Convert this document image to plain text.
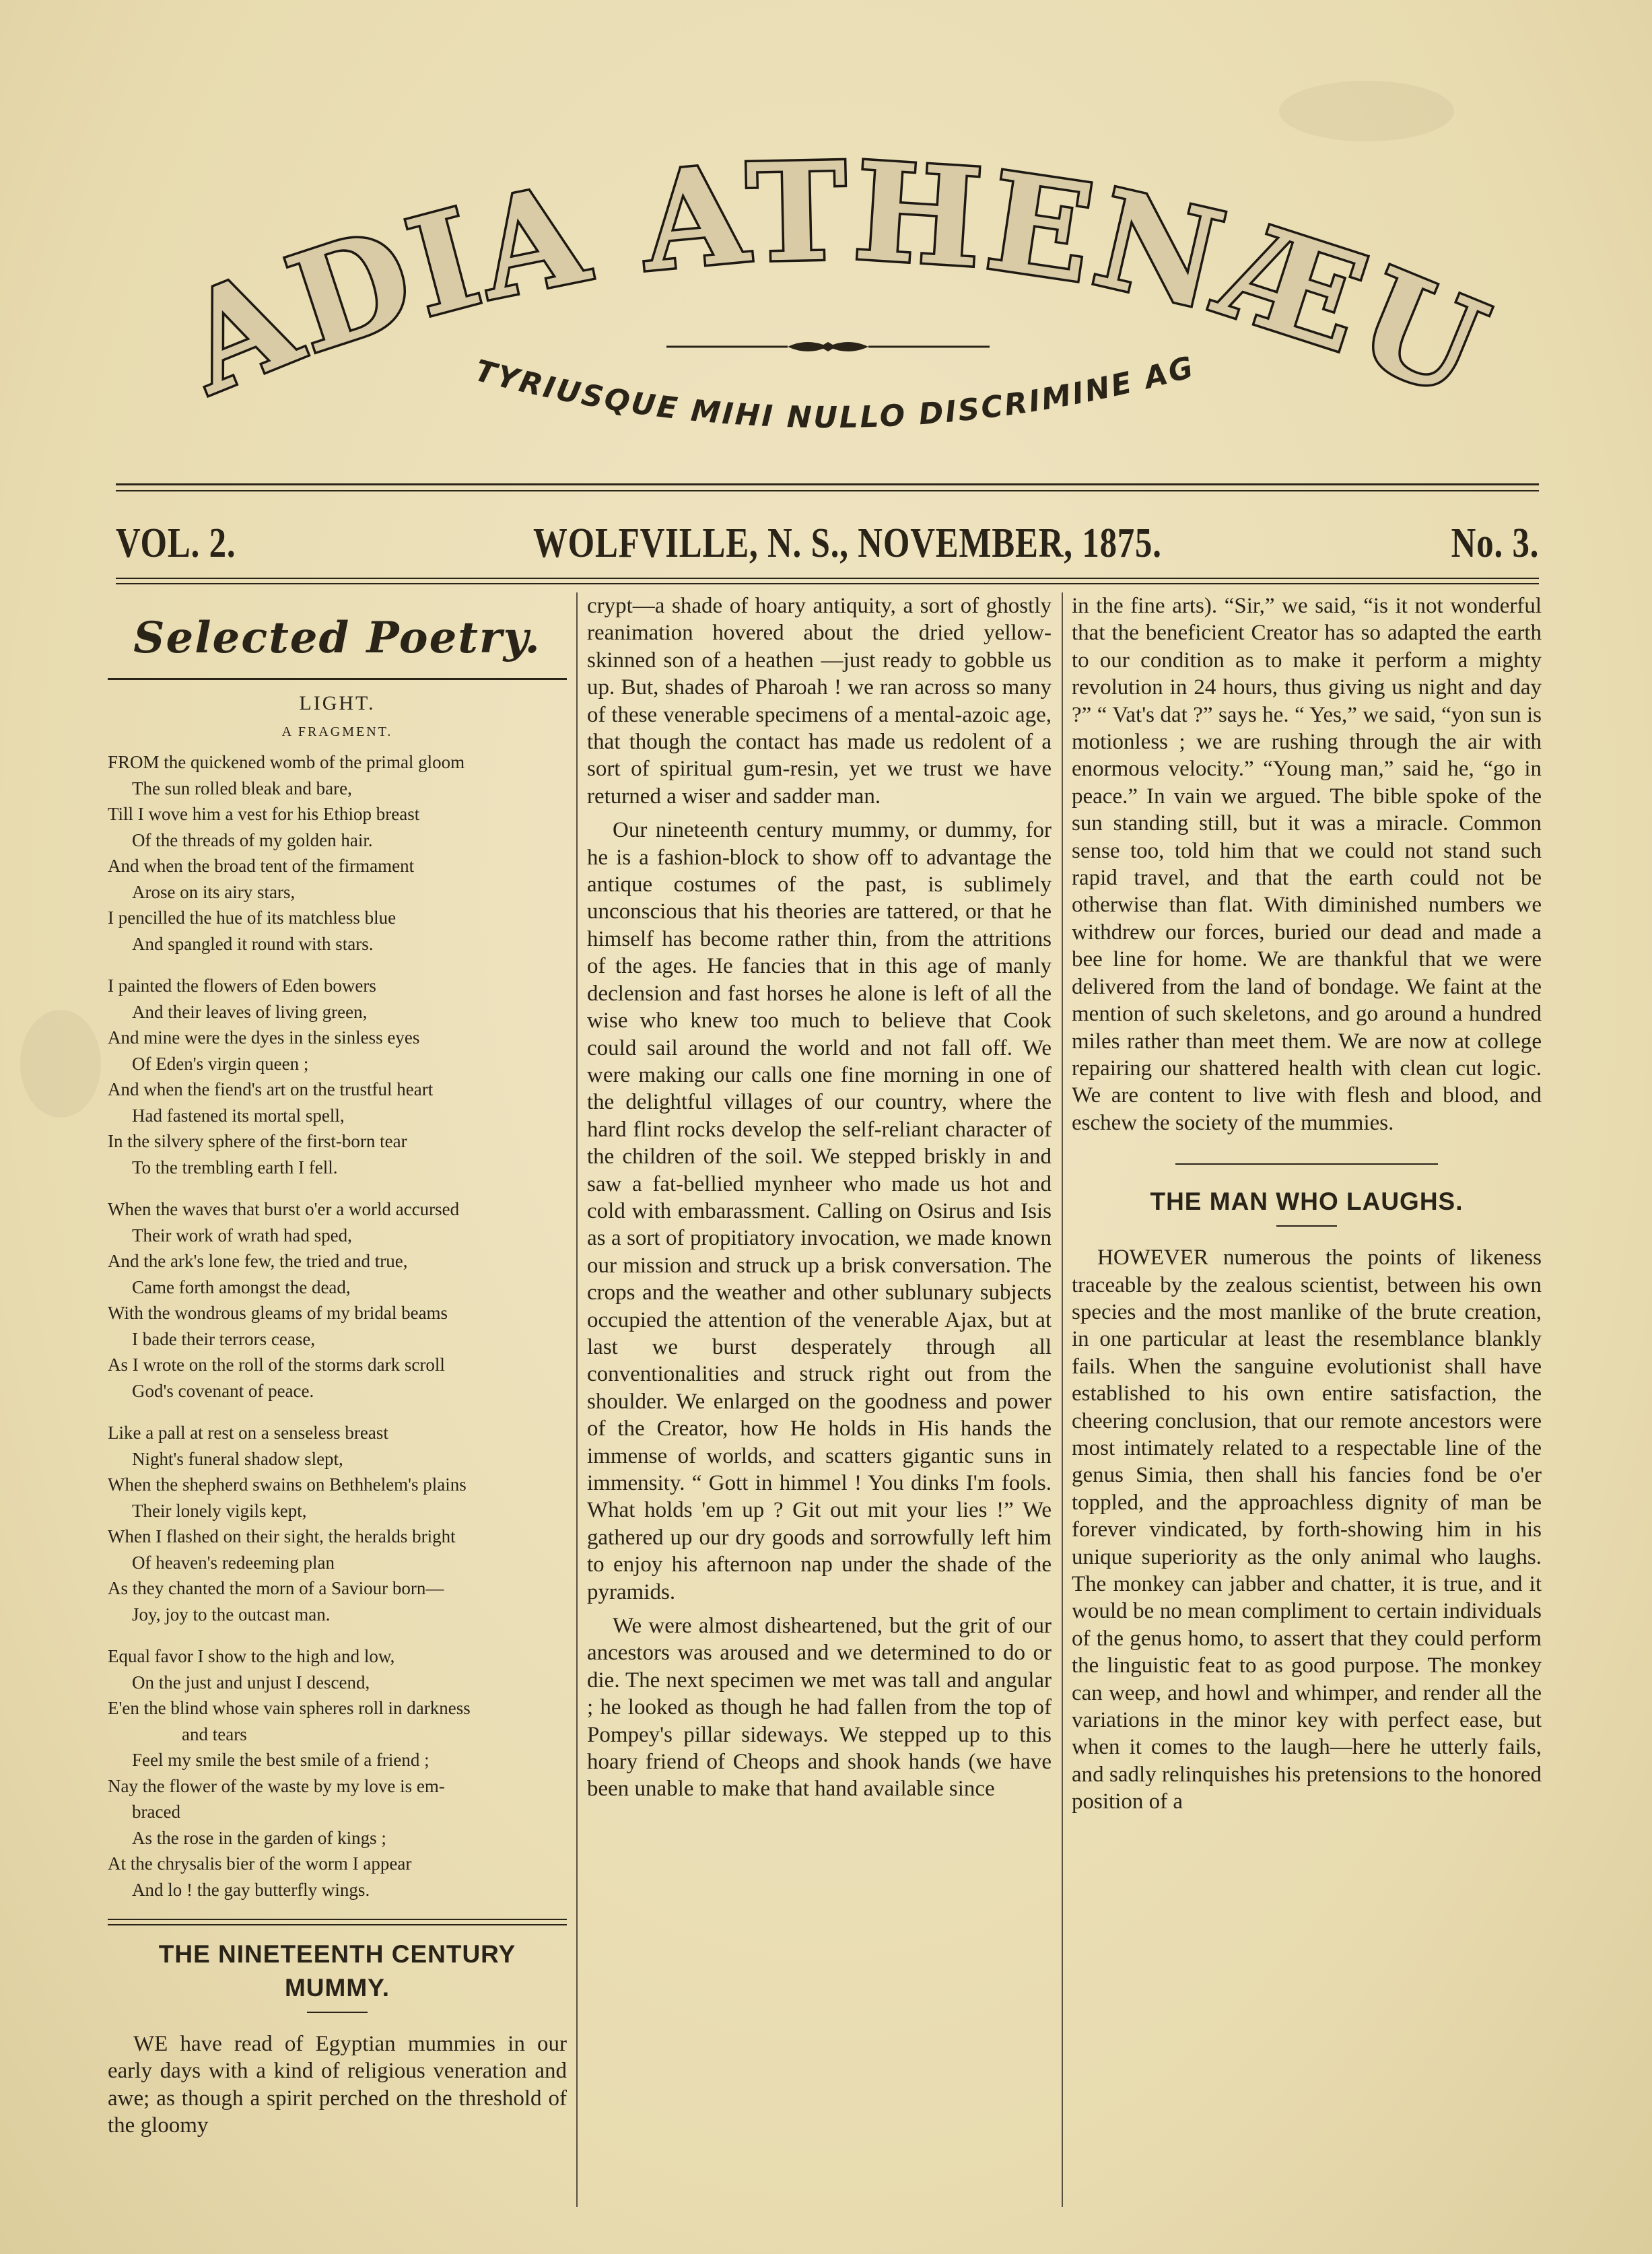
ADIA ATHENÆU
TYRIUSQUE MIHI NULLO DISCRIMINE AG
VOL. 2.	WOLFVILLE, N. S., NOVEMBER, 1875.	No. 3.
Selected Poetry.
LIGHT.
A FRAGMENT.
FROM the quickened womb of the primal gloom
The sun rolled bleak and bare,
Till I wove him a vest for his Ethiop breast
Of the threads of my golden hair.
And when the broad tent of the firmament
Arose on its airy stars,
I pencilled the hue of its matchless blue
And spangled it round with stars.
I painted the flowers of Eden bowers
And their leaves of living green,
And mine were the dyes in the sinless eyes
Of Eden's virgin queen ;
And when the fiend's art on the trustful heart
Had fastened its mortal spell,
In the silvery sphere of the first-born tear
To the trembling earth I fell.
When the waves that burst o'er a world accursed
Their work of wrath had sped,
And the ark's lone few, the tried and true,
Came forth amongst the dead,
With the wondrous gleams of my bridal beams
I bade their terrors cease,
As I wrote on the roll of the storms dark scroll
God's covenant of peace.
Like a pall at rest on a senseless breast
Night's funeral shadow slept,
When the shepherd swains on Bethhelem's plains
Their lonely vigils kept,
When I flashed on their sight, the heralds bright
Of heaven's redeeming plan
As they chanted the morn of a Saviour born—
Joy, joy to the outcast man.
Equal favor I show to the high and low,
On the just and unjust I descend,
E'en the blind whose vain spheres roll in darkness
and tears
Feel my smile the best smile of a friend ;
Nay the flower of the waste by my love is em-
braced
As the rose in the garden of kings ;
At the chrysalis bier of the worm I appear
And lo ! the gay butterfly wings.
THE NINETEENTH CENTURY MUMMY.

WE have read of Egyptian mummies in our early days with a kind of religious veneration and awe; as though a spirit perched on the threshold of the gloomy

crypt—a shade of hoary antiquity, a sort of ghostly reanimation hovered about the dried yellow-skinned son of a heathen —just ready to gobble us up. But, shades of Pharoah ! we ran across so many of these venerable specimens of a mental-azoic age, that though the contact has made us redolent of a sort of spiritual gum-resin, yet we trust we have returned a wiser and sadder man.

Our nineteenth century mummy, or dummy, for he is a fashion-block to show off to advantage the antique costumes of the past, is sublimely unconscious that his theories are tattered, or that he himself has become rather thin, from the attritions of the ages. He fancies that in this age of manly declension and fast horses he alone is left of all the wise who knew too much to believe that Cook could sail around the world and not fall off. We were making our calls one fine morning in one of the delightful villages of our country, where the hard flint rocks develop the self-reliant character of the children of the soil. We stepped briskly in and saw a fat-bellied mynheer who made us hot and cold with embarassment. Calling on Osirus and Isis as a sort of propitiatory invocation, we made known our mission and struck up a brisk conversation. The crops and the weather and other sublunary subjects occupied the attention of the venerable Ajax, but at last we burst desperately through all conventionalities and struck right out from the shoulder. We enlarged on the goodness and power of the Creator, how He holds in His hands the immense of worlds, and scatters gigantic suns in immensity. “ Gott in himmel ! You dinks I'm fools. What holds 'em up ? Git out mit your lies !” We gathered up our dry goods and sorrowfully left him to enjoy his afternoon nap under the shade of the pyramids.

We were almost disheartened, but the grit of our ancestors was aroused and we determined to do or die. The next specimen we met was tall and angular ; he looked as though he had fallen from the top of Pompey's pillar sideways. We stepped up to this hoary friend of Cheops and shook hands (we have been unable to make that hand available since

in the fine arts). “Sir,” we said, “is it not wonderful that the beneficient Creator has so adapted the earth to our condition as to make it perform a mighty revolution in 24 hours, thus giving us night and day ?” “ Vat's dat ?” says he. “ Yes,” we said, “yon sun is motionless ; we are rushing through the air with enormous velocity.” “Young man,” said he, “go in peace.” In vain we argued. The bible spoke of the sun standing still, but it was a miracle. Common sense too, told him that we could not stand such rapid travel, and that the earth could not be otherwise than flat. With diminished numbers we withdrew our forces, buried our dead and made a bee line for home. We are thankful that we were delivered from the land of bondage. We faint at the mention of such skeletons, and go around a hundred miles rather than meet them. We are now at college repairing our shattered health with clean cut logic. We are content to live with flesh and blood, and eschew the society of the mummies.

THE MAN WHO LAUGHS.

HOWEVER numerous the points of likeness traceable by the zealous scientist, between his own species and the most manlike of the brute creation, in one particular at least the resemblance blankly fails. When the sanguine evolutionist shall have established to his own entire satisfaction, the cheering conclusion, that our remote ancestors were most intimately related to a respectable line of the genus Simia, then shall his fancies fond be o'er toppled, and the approachless dignity of man be forever vindicated, by forth-showing him in his unique superiority as the only animal who laughs. The monkey can jabber and chatter, it is true, and it would be no mean compliment to certain individuals of the genus homo, to assert that they could perform the linguistic feat to as good purpose. The monkey can weep, and howl and whimper, and render all the variations in the minor key with perfect ease, but when it comes to the laugh—here he utterly fails, and sadly relinquishes his pretensions to the honored position of a
